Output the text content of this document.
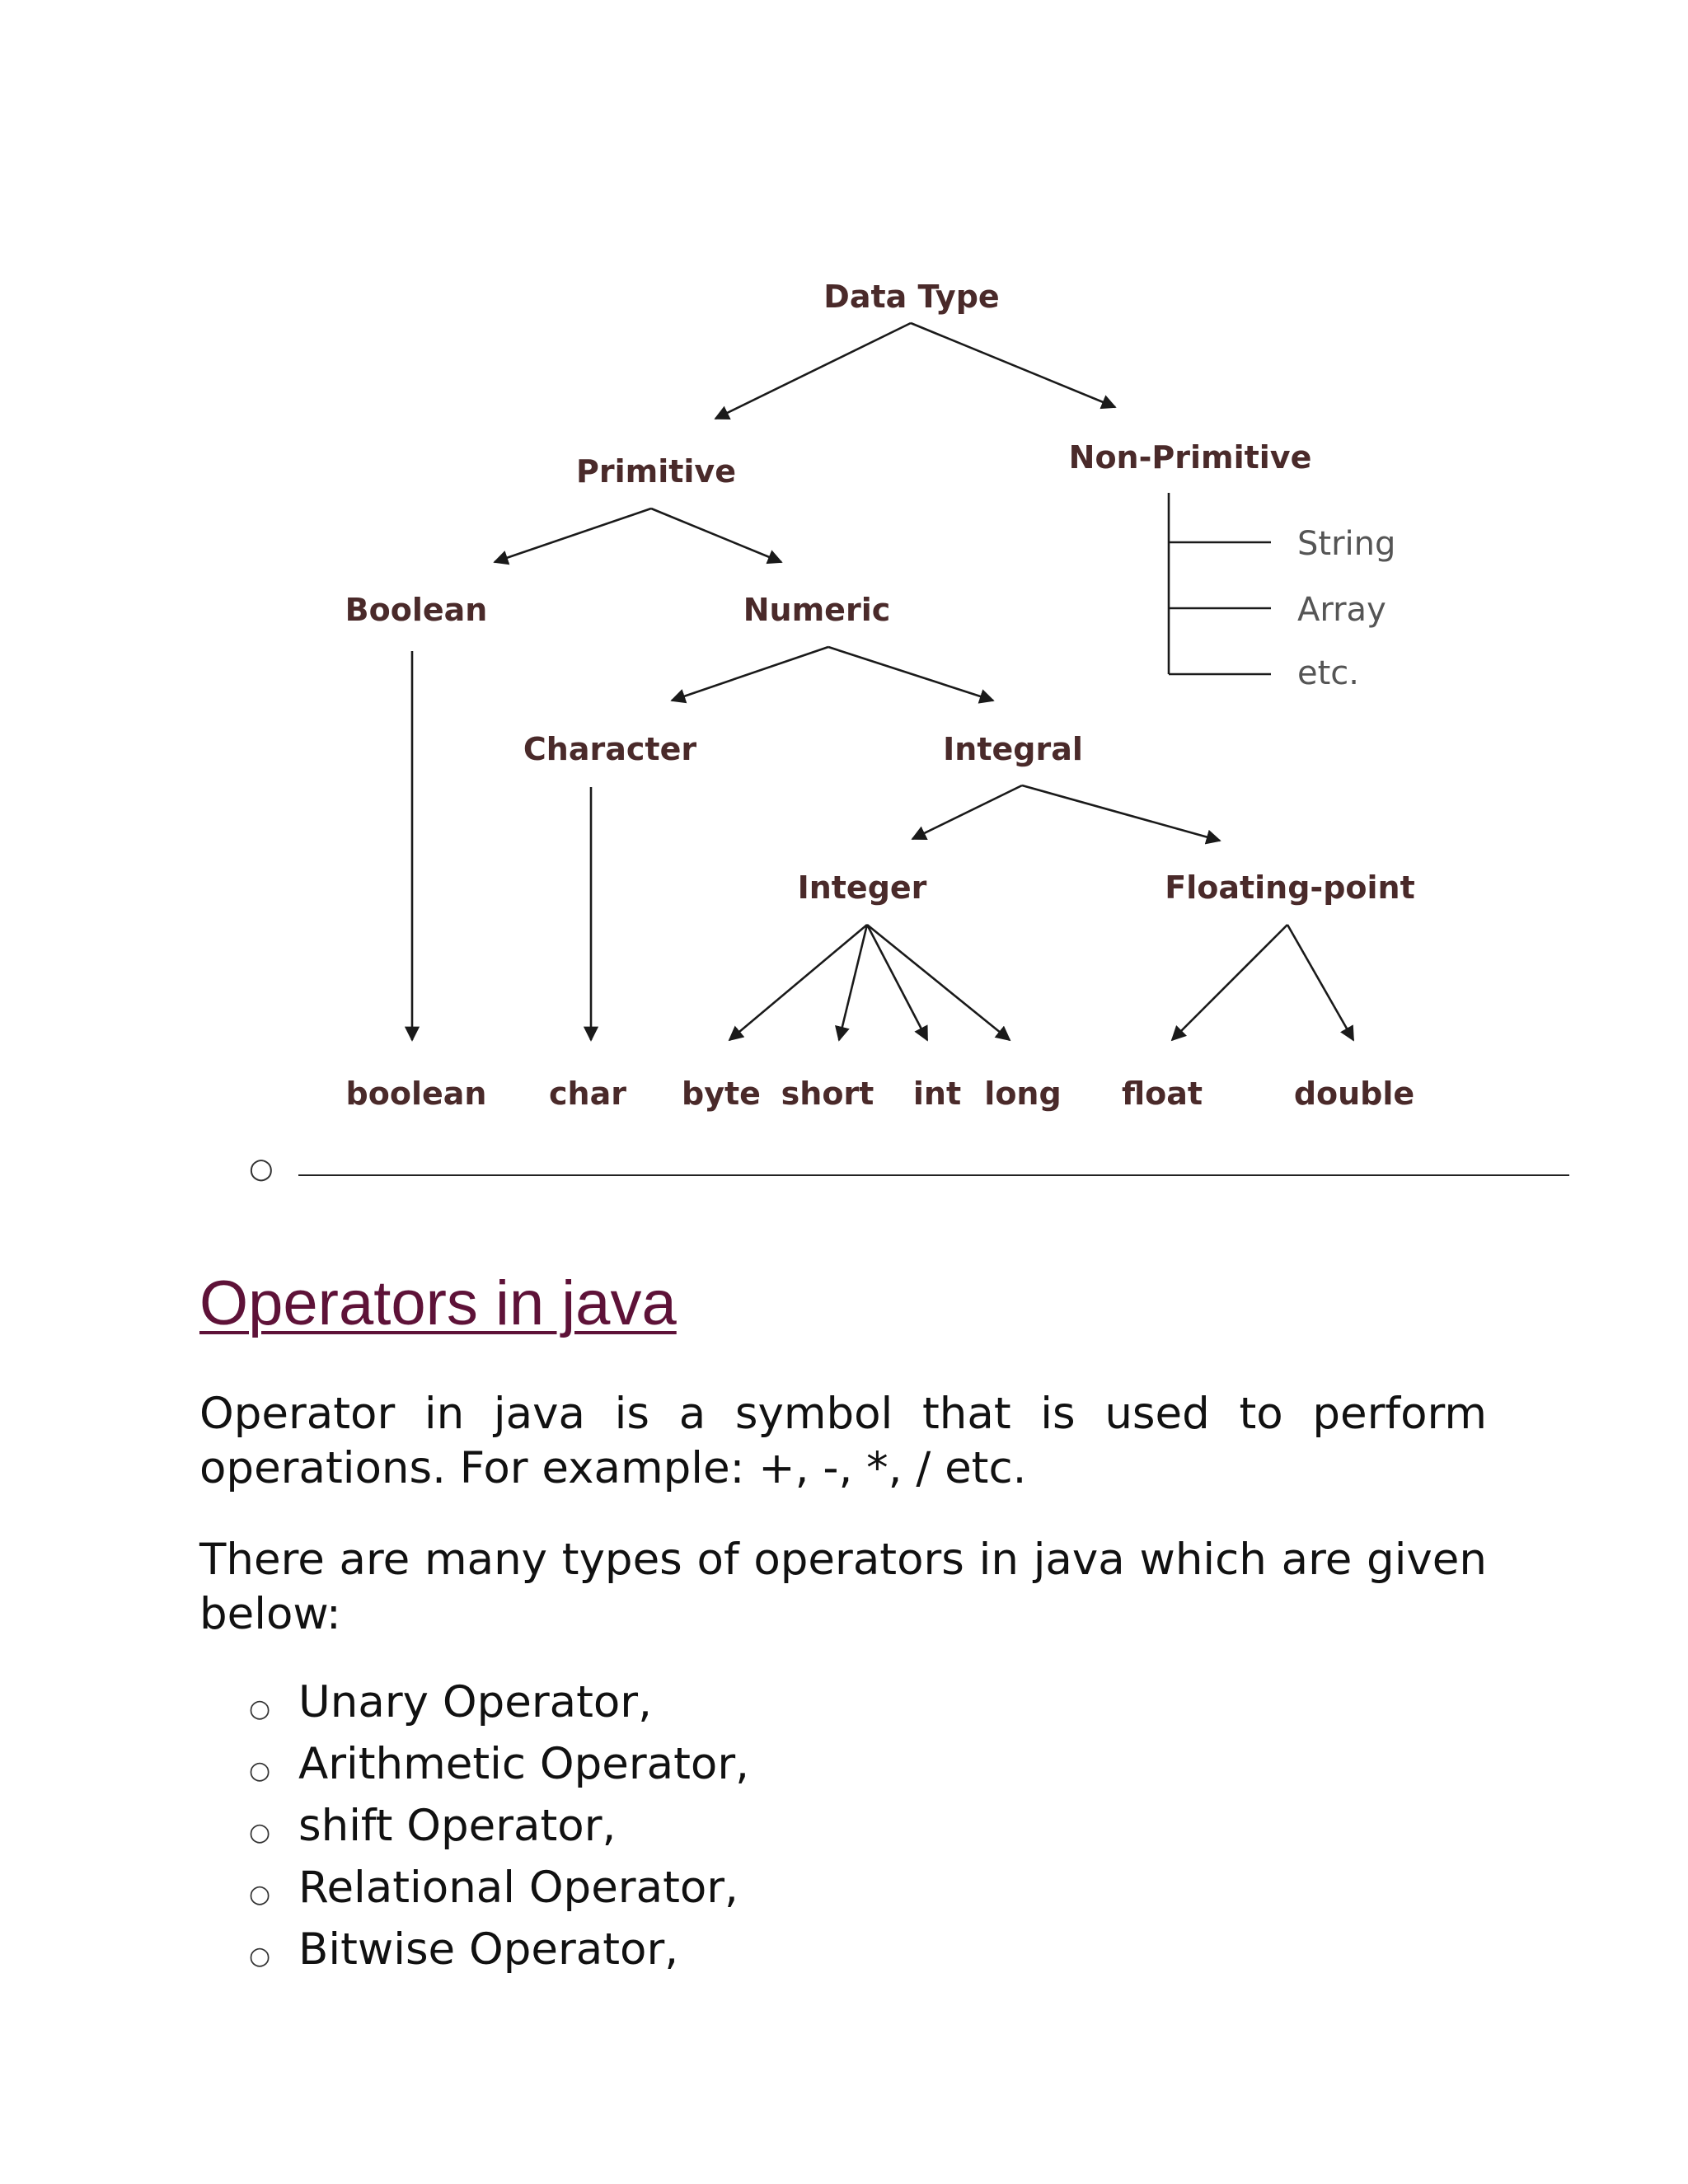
Data Type
Primitive	Non-Primitive
Boolean	Numeric
Character	Integral
Integer	Floating-point
String
Array
etc.
boolean char byte short int long float	double
○
Operators in java

Operator in java is a symbol that is used to perform operations. For example: +, -, *, / etc.

There are many types of operators in java which are given below:

○ Unary Operator,
○ Arithmetic Operator,
○ shift Operator,
○ Relational Operator,
○ Bitwise Operator,
